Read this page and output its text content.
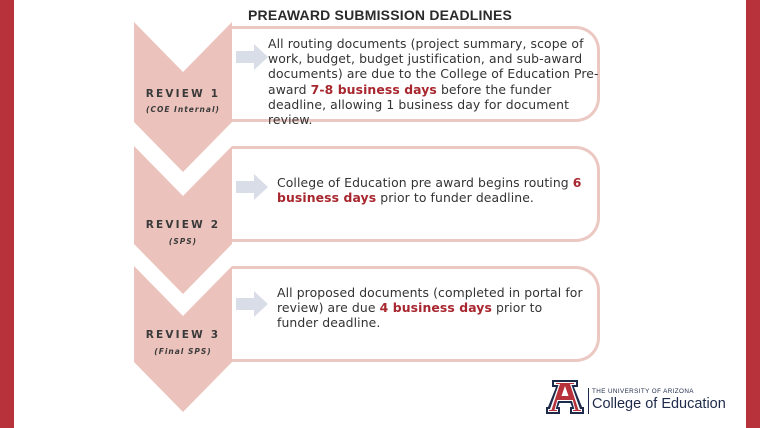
PREAWARD SUBMISSION DEADLINES
All routing documents (project summary, scope of work, budget, budget justification, and sub-award documents) are due to the College of Education Pre-award 7-8 business days before the funder deadline, allowing 1 business day for document review.
College of Education pre award begins routing 6 business days prior to funder deadline.
All proposed documents (completed in portal for review) are due 4 business days prior to funder deadline.
REVIEW 1
(COE Internal)
REVIEW 2
(SPS)
REVIEW 3
(Final SPS)
THE UNIVERSITY OF ARIZONA
College of Education
